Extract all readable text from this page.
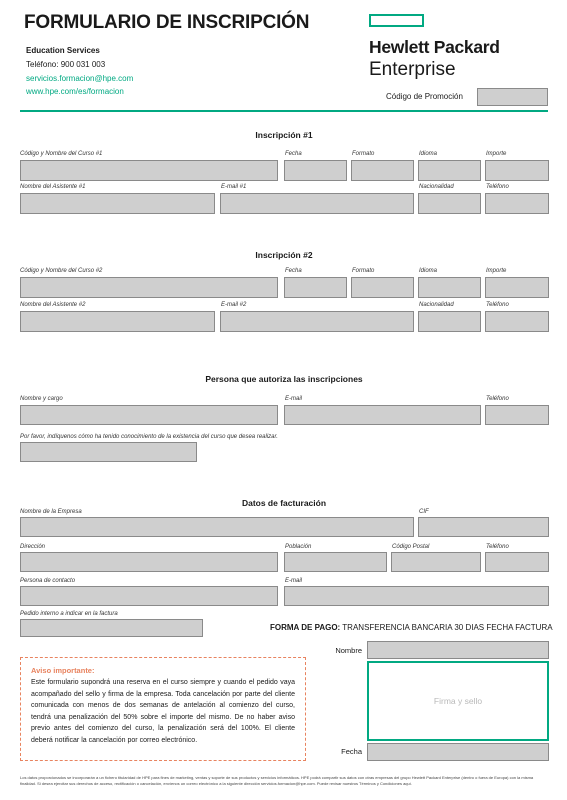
FORMULARIO DE INSCRIPCIÓN
Education Services
Teléfono: 900 031 003
servicios.formacion@hpe.com
www.hpe.com/es/formacion
Hewlett Packard
Enterprise
Código de Promoción
Inscripción #1
Código y Nombre del Curso #1	Fecha	Formato	Idioma	Importe
Nombre del Asistente #1	E-mail #1	Nacionalidad	Teléfono
Inscripción #2
Código y Nombre del Curso #2	Fecha	Formato	Idioma	Importe
Nombre del Asistente #2	E-mail #2	Nacionalidad	Teléfono
Persona que autoriza las inscripciones
Nombre y cargo	E-mail	Teléfono
Por favor, indíquenos cómo ha tenido conocimiento de la existencia del curso que desea realizar.
Datos de facturación
Nombre de la Empresa	CIF
Dirección	Población	Código Postal	Teléfono
Persona de contacto	E-mail
Pedido interno a indicar en la factura
FORMA DE PAGO: TRANSFERENCIA BANCARIA 30 DIAS FECHA FACTURA
Aviso importante:
Este formulario supondrá una reserva en el curso siempre y cuando el pedido vaya acompañado del sello y firma de la empresa. Toda cancelación por parte del cliente comunicada con menos de dos semanas de antelación al comienzo del curso, tendrá una penalización del 50% sobre el importe del mismo. De no haber aviso previo antes del comienzo del curso, la penalización será del 100%. El cliente deberá notificar la cancelación por correo electrónico.
Nombre
Firma y sello
Fecha
Los datos proporcionados se incorporarán a un fichero titularidad de HPE para fines de marketing, ventas y soporte de sus productos y servicios informáticos. HPE podrá compartir sus datos con otras empresas del grupo Hewlett Packard Enterprise (dentro o fuera de Europa) con la misma finalidad. Si desea ejercitar sus derechos de acceso, rectificación o cancelación, envíenos un correo electrónico a la siguiente dirección servicios.formacion@hpe.com. Puede revisar nuestros Términos y Condiciones aquí.
